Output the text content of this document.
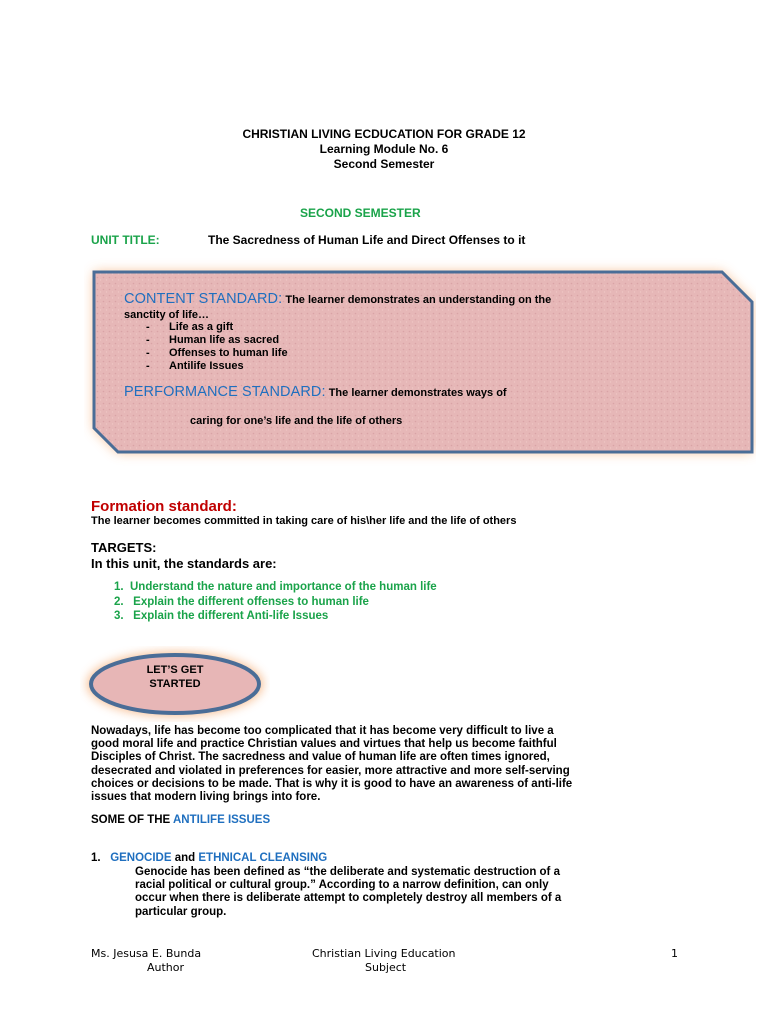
CHRISTIAN LIVING ECDUCATION FOR GRADE 12
Learning Module No. 6
Second Semester
SECOND SEMESTER
UNIT TITLE:	The Sacredness of Human Life and Direct Offenses to it
CONTENT STANDARD: The learner demonstrates an understanding on the
sanctity of life…
- Life as a gift
- Human life as sacred
- Offenses to human life
- Antilife Issues
PERFORMANCE STANDARD: The learner demonstrates ways of
caring for one’s life and the life of others
Formation standard:
The learner becomes committed in taking care of his\her life and the life of others
TARGETS:
In this unit, the standards are:
1. Understand the nature and importance of the human life
2.   Explain the different offenses to human life
3.   Explain the different Anti-life Issues
LET’S GET
STARTED
Nowadays, life has become too complicated that it has become very difficult to live a
good moral life and practice Christian values and virtues that help us become faithful
Disciples of Christ. The sacredness and value of human life are often times ignored,
desecrated and violated in preferences for easier, more attractive and more self-serving
choices or decisions to be made. That is why it is good to have an awareness of anti-life
issues that modern living brings into fore.
SOME OF THE ANTILIFE ISSUES
1. GENOCIDE and ETHNICAL CLEANSING
Genocide has been defined as “the deliberate and systematic destruction of a
racial political or cultural group.” According to a narrow definition, can only
occur when there is deliberate attempt to completely destroy all members of a
particular group.
Ms. Jesusa E. Bunda
Author
Christian Living Education
Subject
1
